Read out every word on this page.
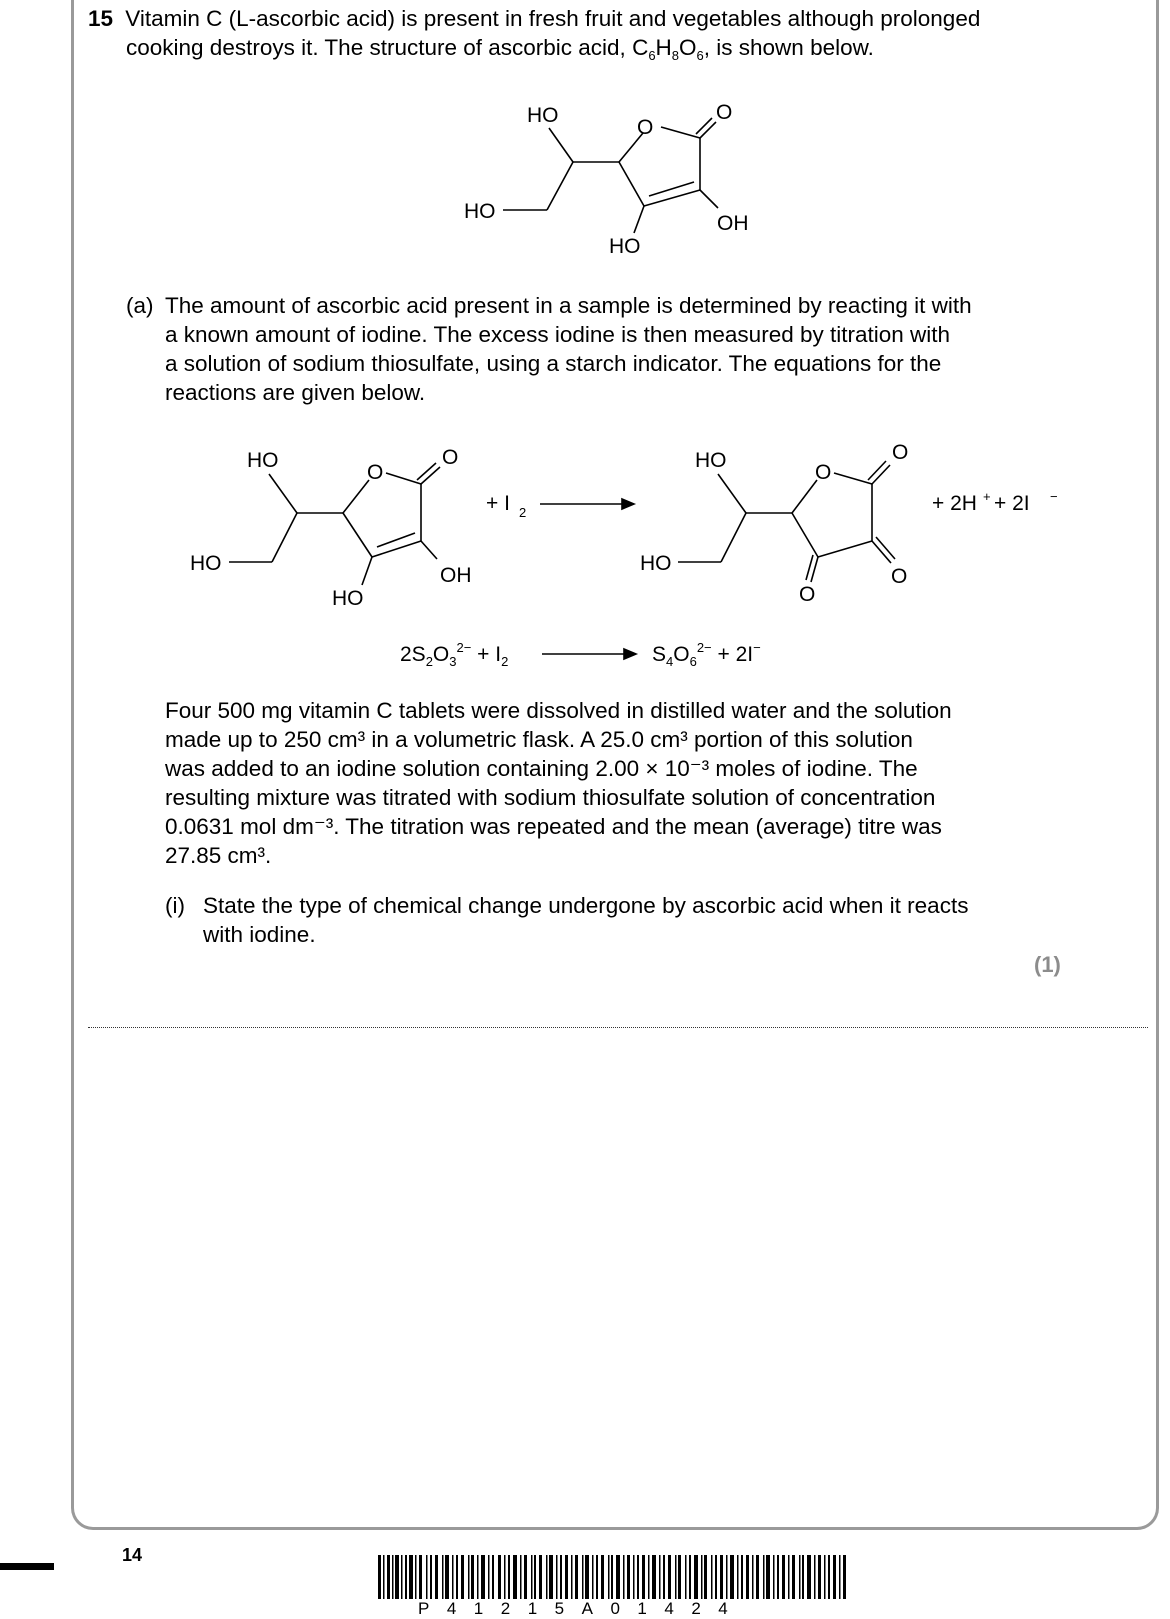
15 Vitamin C (L-ascorbic acid) is present in fresh fruit and vegetables although prolonged
cooking destroys it. The structure of ascorbic acid, $C_6H_8O_6$, is shown below.
HO
O
O
HO
OH
HO
(a) The amount of ascorbic acid present in a sample is determined by reacting it with
a known amount of iodine. The excess iodine is then measured by titration with
a solution of sodium thiosulfate, using a starch indicator. The equations for the
reactions are given below.
HO
O
O
HO
OH
HO
+ I 2
HO
O
O
HO
O
O
+ 2H + + 2I −
$2S_2O_3^{2-} + I_2$	$S_4O_6^{2-} + 2I^-$
Four 500 mg vitamin C tablets were dissolved in distilled water and the solution
made up to 250 cm³ in a volumetric flask. A 25.0 cm³ portion of this solution
was added to an iodine solution containing 2.00 × 10⁻³ moles of iodine. The
resulting mixture was titrated with sodium thiosulfate solution of concentration
0.0631 mol dm⁻³. The titration was repeated and the mean (average) titre was
27.85 cm³.
(i) State the type of chemical change undergone by ascorbic acid when it reacts
with iodine.
(1)
14
P41215A01424
